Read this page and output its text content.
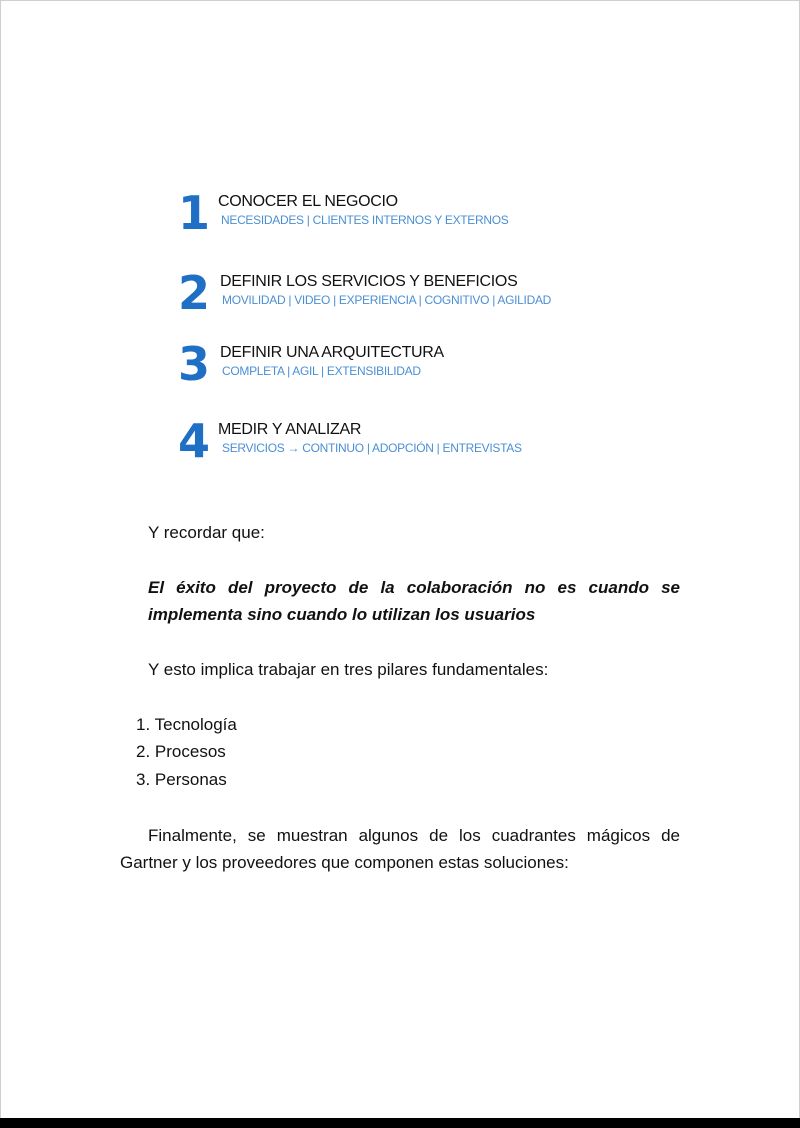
1 CONOCER EL NEGOCIO
NECESIDADES | CLIENTES INTERNOS Y EXTERNOS
2 DEFINIR LOS SERVICIOS Y BENEFICIOS
MOVILIDAD | VIDEO | EXPERIENCIA | COGNITIVO | AGILIDAD
3 DEFINIR UNA ARQUITECTURA
COMPLETA | AGIL | EXTENSIBILIDAD
4 MEDIR Y ANALIZAR
SERVICIOS → CONTINUO | ADOPCIÓN | ENTREVISTAS
Y recordar que:
El éxito del proyecto de la colaboración no es cuando se implementa sino cuando lo utilizan los usuarios
Y esto implica trabajar en tres pilares fundamentales:
1. Tecnología
2. Procesos
3. Personas
Finalmente, se muestran algunos de los cuadrantes mágicos de Gartner y los proveedores que componen estas soluciones:
